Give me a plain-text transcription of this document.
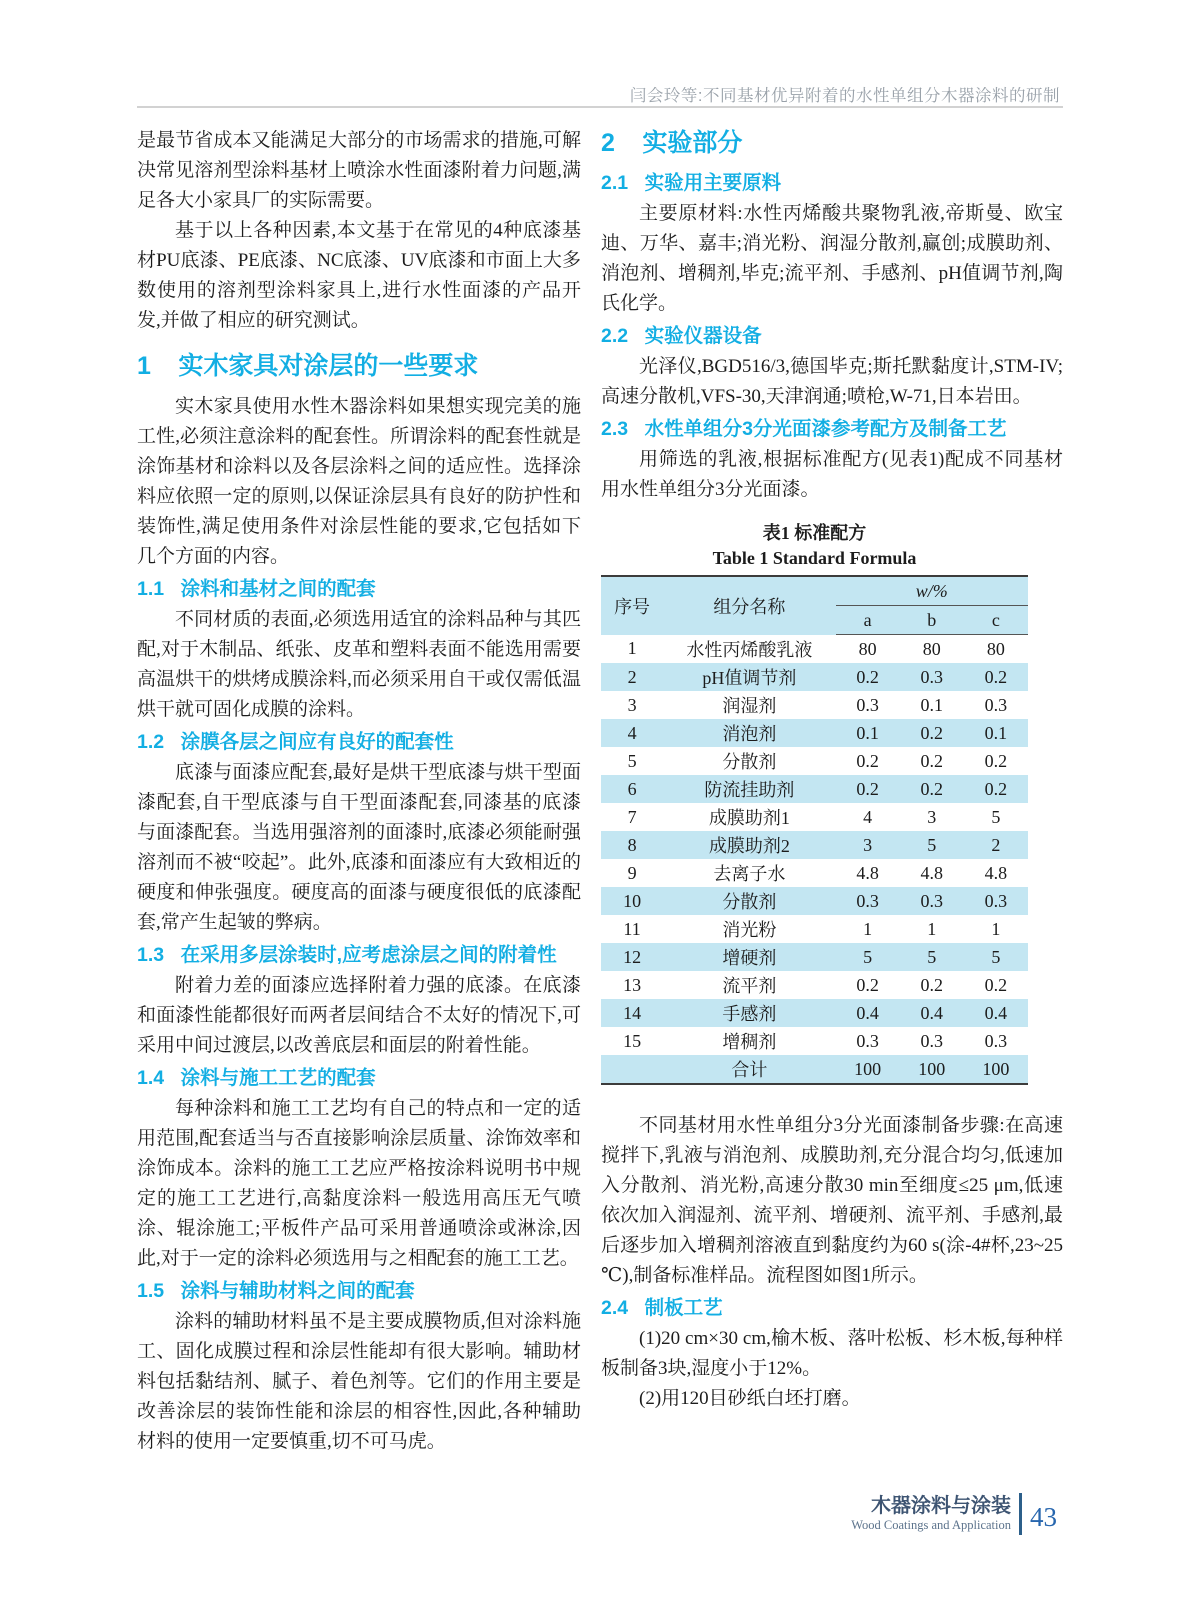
闫会玲等:不同基材优异附着的水性单组分木器涂料的研制

是最节省成本又能满足大部分的市场需求的措施,可解决常见溶剂型涂料基材上喷涂水性面漆附着力问题,满足各大小家具厂的实际需要。

基于以上各种因素,本文基于在常见的4种底漆基材PU底漆、PE底漆、NC底漆、UV底漆和市面上大多数使用的溶剂型涂料家具上,进行水性面漆的产品开发,并做了相应的研究测试。

1 实木家具对涂层的一些要求

实木家具使用水性木器涂料如果想实现完美的施工性,必须注意涂料的配套性。所谓涂料的配套性就是涂饰基材和涂料以及各层涂料之间的适应性。选择涂料应依照一定的原则,以保证涂层具有良好的防护性和装饰性,满足使用条件对涂层性能的要求,它包括如下几个方面的内容。

1.1 涂料和基材之间的配套

不同材质的表面,必须选用适宜的涂料品种与其匹配,对于木制品、纸张、皮革和塑料表面不能选用需要高温烘干的烘烤成膜涂料,而必须采用自干或仅需低温烘干就可固化成膜的涂料。

1.2 涂膜各层之间应有良好的配套性

底漆与面漆应配套,最好是烘干型底漆与烘干型面漆配套,自干型底漆与自干型面漆配套,同漆基的底漆与面漆配套。当选用强溶剂的面漆时,底漆必须能耐强溶剂而不被“咬起”。此外,底漆和面漆应有大致相近的硬度和伸张强度。硬度高的面漆与硬度很低的底漆配套,常产生起皱的弊病。

1.3 在采用多层涂装时,应考虑涂层之间的附着性

附着力差的面漆应选择附着力强的底漆。在底漆和面漆性能都很好而两者层间结合不太好的情况下,可采用中间过渡层,以改善底层和面层的附着性能。

1.4 涂料与施工工艺的配套

每种涂料和施工工艺均有自己的特点和一定的适用范围,配套适当与否直接影响涂层质量、涂饰效率和涂饰成本。涂料的施工工艺应严格按涂料说明书中规定的施工工艺进行,高黏度涂料一般选用高压无气喷涂、辊涂施工;平板件产品可采用普通喷涂或淋涂,因此,对于一定的涂料必须选用与之相配套的施工工艺。

1.5 涂料与辅助材料之间的配套

涂料的辅助材料虽不是主要成膜物质,但对涂料施工、固化成膜过程和涂层性能却有很大影响。辅助材料包括黏结剂、腻子、着色剂等。它们的作用主要是改善涂层的装饰性能和涂层的相容性,因此,各种辅助材料的使用一定要慎重,切不可马虎。

2 实验部分
2.1 实验用主要原料

主要原材料:水性丙烯酸共聚物乳液,帝斯曼、欧宝迪、万华、嘉丰;消光粉、润湿分散剂,赢创;成膜助剂、消泡剂、增稠剂,毕克;流平剂、手感剂、pH值调节剂,陶氏化学。

2.2 实验仪器设备

光泽仪,BGD516/3,德国毕克;斯托默黏度计,STM-IV;高速分散机,VFS-30,天津润通;喷枪,W-71,日本岩田。

2.3 水性单组分3分光面漆参考配方及制备工艺

用筛选的乳液,根据标准配方(见表1)配成不同基材用水性单组分3分光面漆。

表1 标准配方
Table 1 Standard Formula
序号	组分名称	w/%		
		a	b	c
1	水性丙烯酸乳液	80	80	80
2	pH值调节剂	0.2	0.3	0.2
3	润湿剂	0.3	0.1	0.3
4	消泡剂	0.1	0.2	0.1
5	分散剂	0.2	0.2	0.2
6	防流挂助剂	0.2	0.2	0.2
7	成膜助剂1	4	3	5
8	成膜助剂2	3	5	2
9	去离子水	4.8	4.8	4.8
10	分散剂	0.3	0.3	0.3
11	消光粉	1	1	1
12	增硬剂	5	5	5
13	流平剂	0.2	0.2	0.2
14	手感剂	0.4	0.4	0.4
15	增稠剂	0.3	0.3	0.3
	合计	100	100	100

不同基材用水性单组分3分光面漆制备步骤:在高速搅拌下,乳液与消泡剂、成膜助剂,充分混合均匀,低速加入分散剂、消光粉,高速分散30 min至细度≤25 μm,低速依次加入润湿剂、流平剂、增硬剂、流平剂、手感剂,最后逐步加入增稠剂溶液直到黏度约为60 s(涂-4#杯,23~25 ℃),制备标准样品。流程图如图1所示。

2.4 制板工艺

(1)20 cm×30 cm,榆木板、落叶松板、杉木板,每种样板制备3块,湿度小于12%。

(2)用120目砂纸白坯打磨。

木器涂料与涂装
Wood Coatings and Application 43
